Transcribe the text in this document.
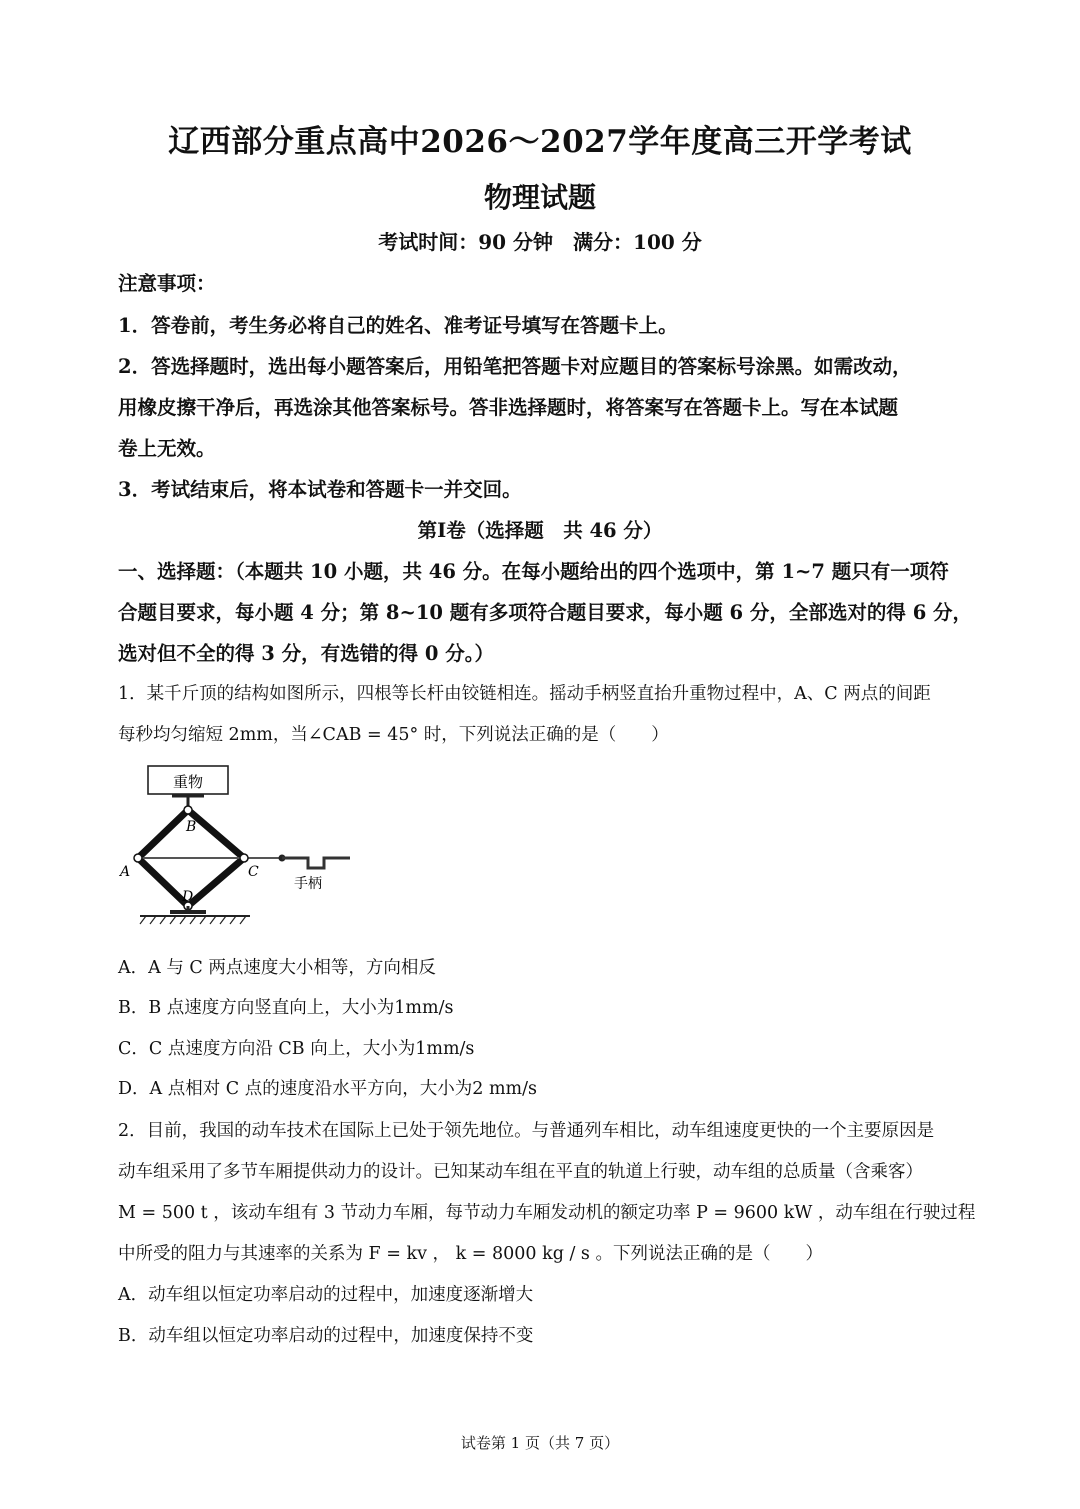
辽西部分重点高中2026～2027学年度高三开学考试
物理试题
考试时间：90 分钟　满分：100 分
注意事项：
1．答卷前，考生务必将自己的姓名、准考证号填写在答题卡上。
2．答选择题时，选出每小题答案后，用铅笔把答题卡对应题目的答案标号涂黑。如需改动，
用橡皮擦干净后，再选涂其他答案标号。答非选择题时，将答案写在答题卡上。写在本试题
卷上无效。
3．考试结束后，将本试卷和答题卡一并交回。
第Ⅰ卷（选择题　共 46 分）
一、选择题：（本题共 10 小题，共 46 分。在每小题给出的四个选项中，第 1~7 题只有一项符
合题目要求，每小题 4 分；第 8~10 题有多项符合题目要求，每小题 6 分，全部选对的得 6 分，
选对但不全的得 3 分，有选错的得 0 分。）
1．某千斤顶的结构如图所示，四根等长杆由铰链相连。摇动手柄竖直抬升重物过程中，A、C 两点的间距
每秒均匀缩短 2mm，当∠CAB = 45° 时，下列说法正确的是（　　）
重物
手柄
B
A	C
D
A．A 与 C 两点速度大小相等，方向相反
B．B 点速度方向竖直向上，大小为1mm/s
C．C 点速度方向沿 CB 向上，大小为1mm/s
D．A 点相对 C 点的速度沿水平方向，大小为2 mm/s
2．目前，我国的动车技术在国际上已处于领先地位。与普通列车相比，动车组速度更快的一个主要原因是
动车组采用了多节车厢提供动力的设计。已知某动车组在平直的轨道上行驶，动车组的总质量（含乘客）
M = 500 t ，该动车组有 3 节动力车厢，每节动力车厢发动机的额定功率 P = 9600 kW ，动车组在行驶过程
中所受的阻力与其速率的关系为 F = kv ， k = 8000 kg / s 。下列说法正确的是（　　）
A．动车组以恒定功率启动的过程中，加速度逐渐增大
B．动车组以恒定功率启动的过程中，加速度保持不变
试卷第 1 页（共 7 页）
